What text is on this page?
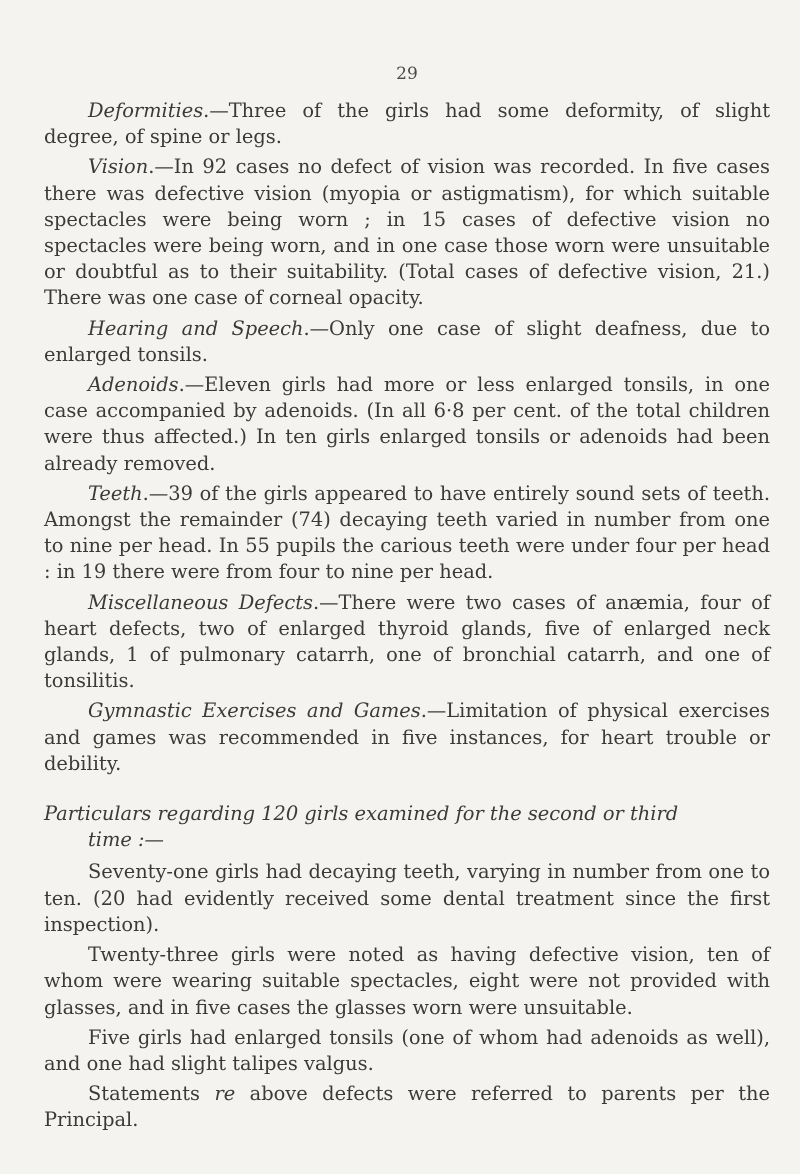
29

Deformities.—Three of the girls had some deformity, of slight degree, of spine or legs.

Vision.—In 92 cases no defect of vision was recorded. In five cases there was defective vision (myopia or astigmatism), for which suitable spectacles were being worn ; in 15 cases of defective vision no spectacles were being worn, and in one case those worn were unsuitable or doubtful as to their suitability. (Total cases of defective vision, 21.) There was one case of corneal opacity.

Hearing and Speech.—Only one case of slight deafness, due to enlarged tonsils.

Adenoids.—Eleven girls had more or less enlarged tonsils, in one case accompanied by adenoids. (In all 6·8 per cent. of the total children were thus affected.) In ten girls enlarged tonsils or adenoids had been already removed.

Teeth.—39 of the girls appeared to have entirely sound sets of teeth. Amongst the remainder (74) decaying teeth varied in number from one to nine per head. In 55 pupils the carious teeth were under four per head : in 19 there were from four to nine per head.

Miscellaneous Defects.—There were two cases of anæmia, four of heart defects, two of enlarged thyroid glands, five of enlarged neck glands, 1 of pulmonary catarrh, one of bronchial catarrh, and one of tonsilitis.

Gymnastic Exercises and Games.—Limitation of physical exercises and games was recommended in five instances, for heart trouble or debility.

Particulars regarding 120 girls examined for the second or third
time :—

Seventy-one girls had decaying teeth, varying in number from one to ten. (20 had evidently received some dental treatment since the first inspection).

Twenty-three girls were noted as having defective vision, ten of whom were wearing suitable spectacles, eight were not provided with glasses, and in five cases the glasses worn were unsuitable.

Five girls had enlarged tonsils (one of whom had adenoids as well), and one had slight talipes valgus.

Statements re above defects were referred to parents per the Principal.
